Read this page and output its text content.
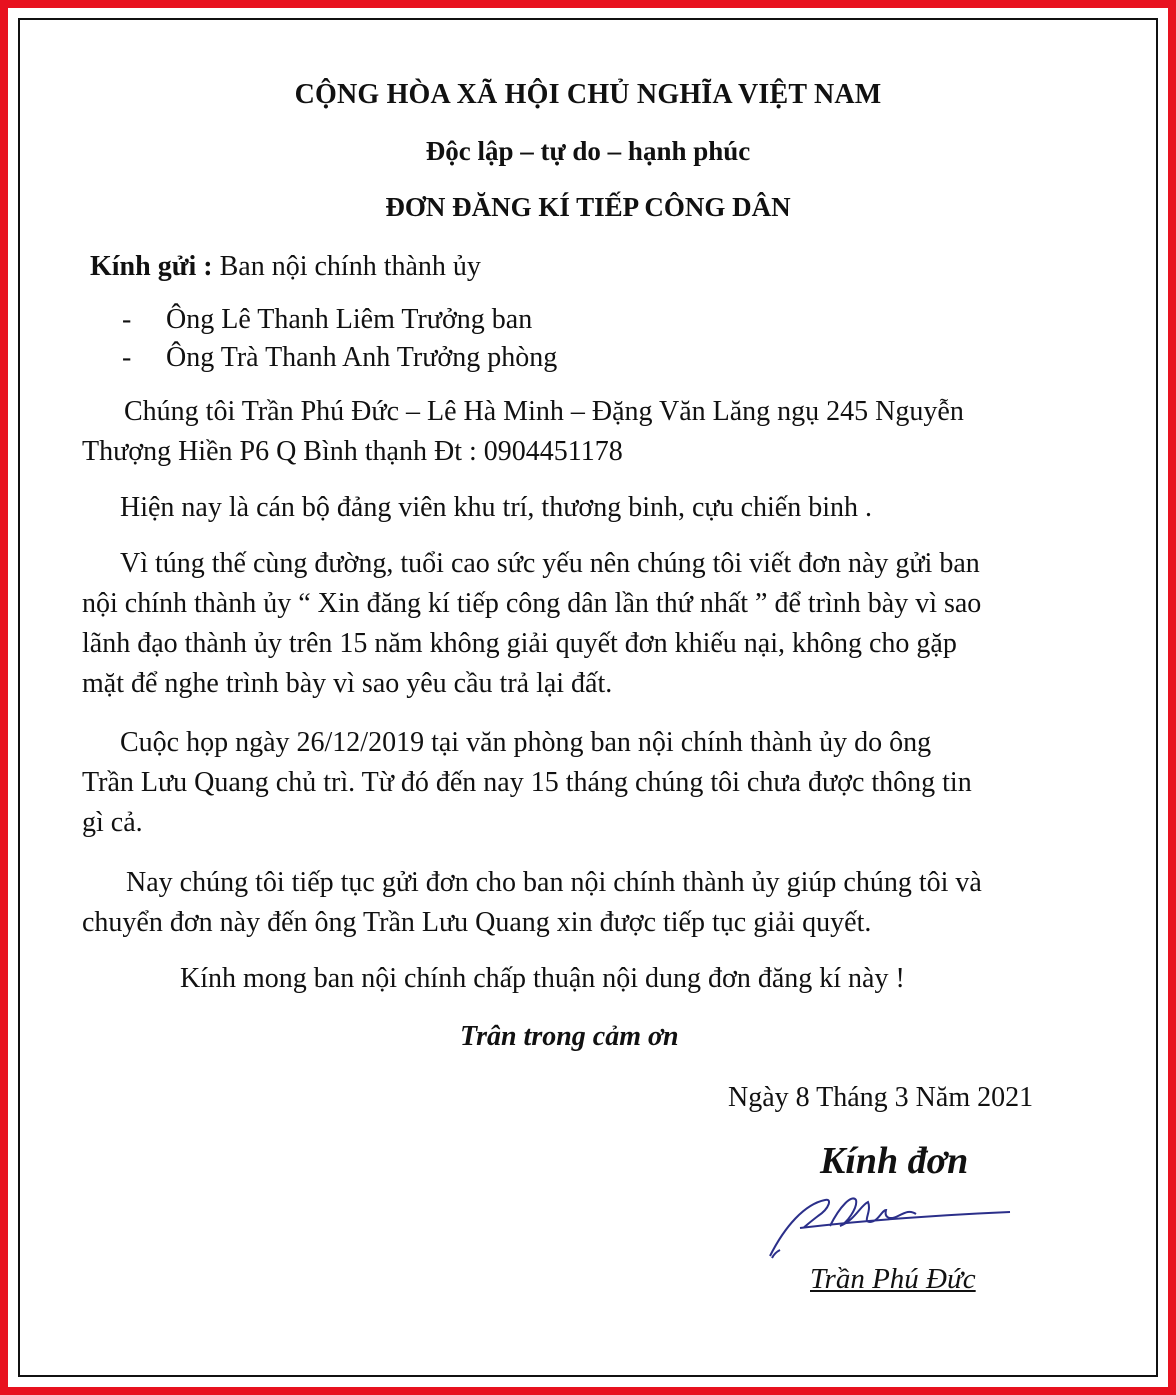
CỘNG HÒA XÃ HỘI CHỦ NGHĨA VIỆT NAM
Độc lập – tự do – hạnh phúc
ĐƠN ĐĂNG KÍ TIẾP CÔNG DÂN
Kính gửi : Ban nội chính thành ủy
- Ông Lê Thanh Liêm Trưởng ban
- Ông Trà Thanh Anh Trưởng phòng
Chúng tôi Trần Phú Đức – Lê Hà Minh – Đặng Văn Lăng ngụ 245 Nguyễn
Thượng Hiền P6 Q Bình thạnh Đt : 0904451178
Hiện nay là cán bộ đảng viên khu trí, thương binh, cựu chiến binh .
Vì túng thế cùng đường, tuổi cao sức yếu nên chúng tôi viết đơn này gửi ban
nội chính thành ủy “ Xin đăng kí tiếp công dân lần thứ nhất ” để trình bày vì sao
lãnh đạo thành ủy trên 15 năm không giải quyết đơn khiếu nại, không cho gặp
mặt để nghe trình bày vì sao yêu cầu trả lại đất.
Cuộc họp ngày 26/12/2019 tại văn phòng ban nội chính thành ủy do ông
Trần Lưu Quang chủ trì. Từ đó đến nay 15 tháng chúng tôi chưa được thông tin
gì cả.
Nay chúng tôi tiếp tục gửi đơn cho ban nội chính thành ủy giúp chúng tôi và
chuyển đơn này đến ông Trần Lưu Quang xin được tiếp tục giải quyết.
Kính mong ban nội chính chấp thuận nội dung đơn đăng kí này !
Trân trong cảm ơn
Ngày 8 Tháng 3 Năm 2021
Kính đơn
Trần Phú Đức
